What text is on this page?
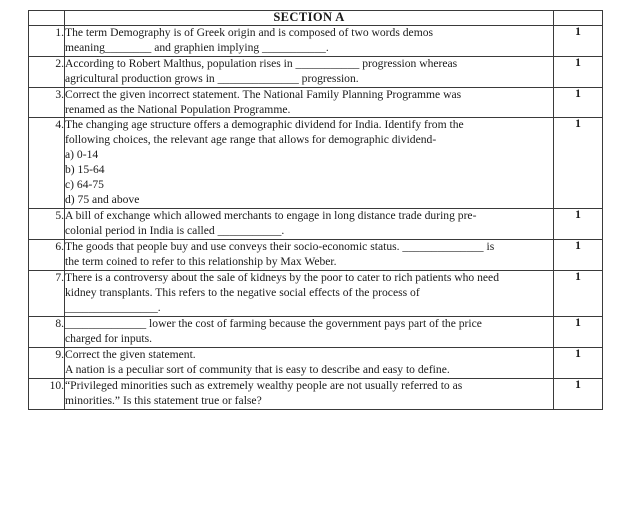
	SECTION A	
1.	The term Demography is of Greek origin and is composed of two words demos
meaning________ and graphien implying ___________.	1
2.	According to Robert Malthus, population rises in ___________ progression whereas
agricultural production grows in ______________ progression.	1
3.	Correct the given incorrect statement. The National Family Planning Programme was
renamed as the National Population Programme.	1
4.	The changing age structure offers a demographic dividend for India. Identify from the
following choices, the relevant age range that allows for demographic dividend-
a) 0-14
b) 15-64
c) 64-75
d) 75 and above
	1
5.	A bill of exchange which allowed merchants to engage in long distance trade during pre-
colonial period in India is called ___________.	1
6.	The goods that people buy and use conveys their socio-economic status. ______________ is
the term coined to refer to this relationship by Max Weber.	1
7.	There is a controversy about the sale of kidneys by the poor to cater to rich patients who need
kidney transplants. This refers to the negative social effects of the process of
________________.	1
8.	______________ lower the cost of farming because the government pays part of the price
charged for inputs.	1
9.	Correct the given statement.
A nation is a peculiar sort of community that is easy to describe and easy to define.	1
10.	“Privileged minorities such as extremely wealthy people are not usually referred to as
minorities.” Is this statement true or false?	1
